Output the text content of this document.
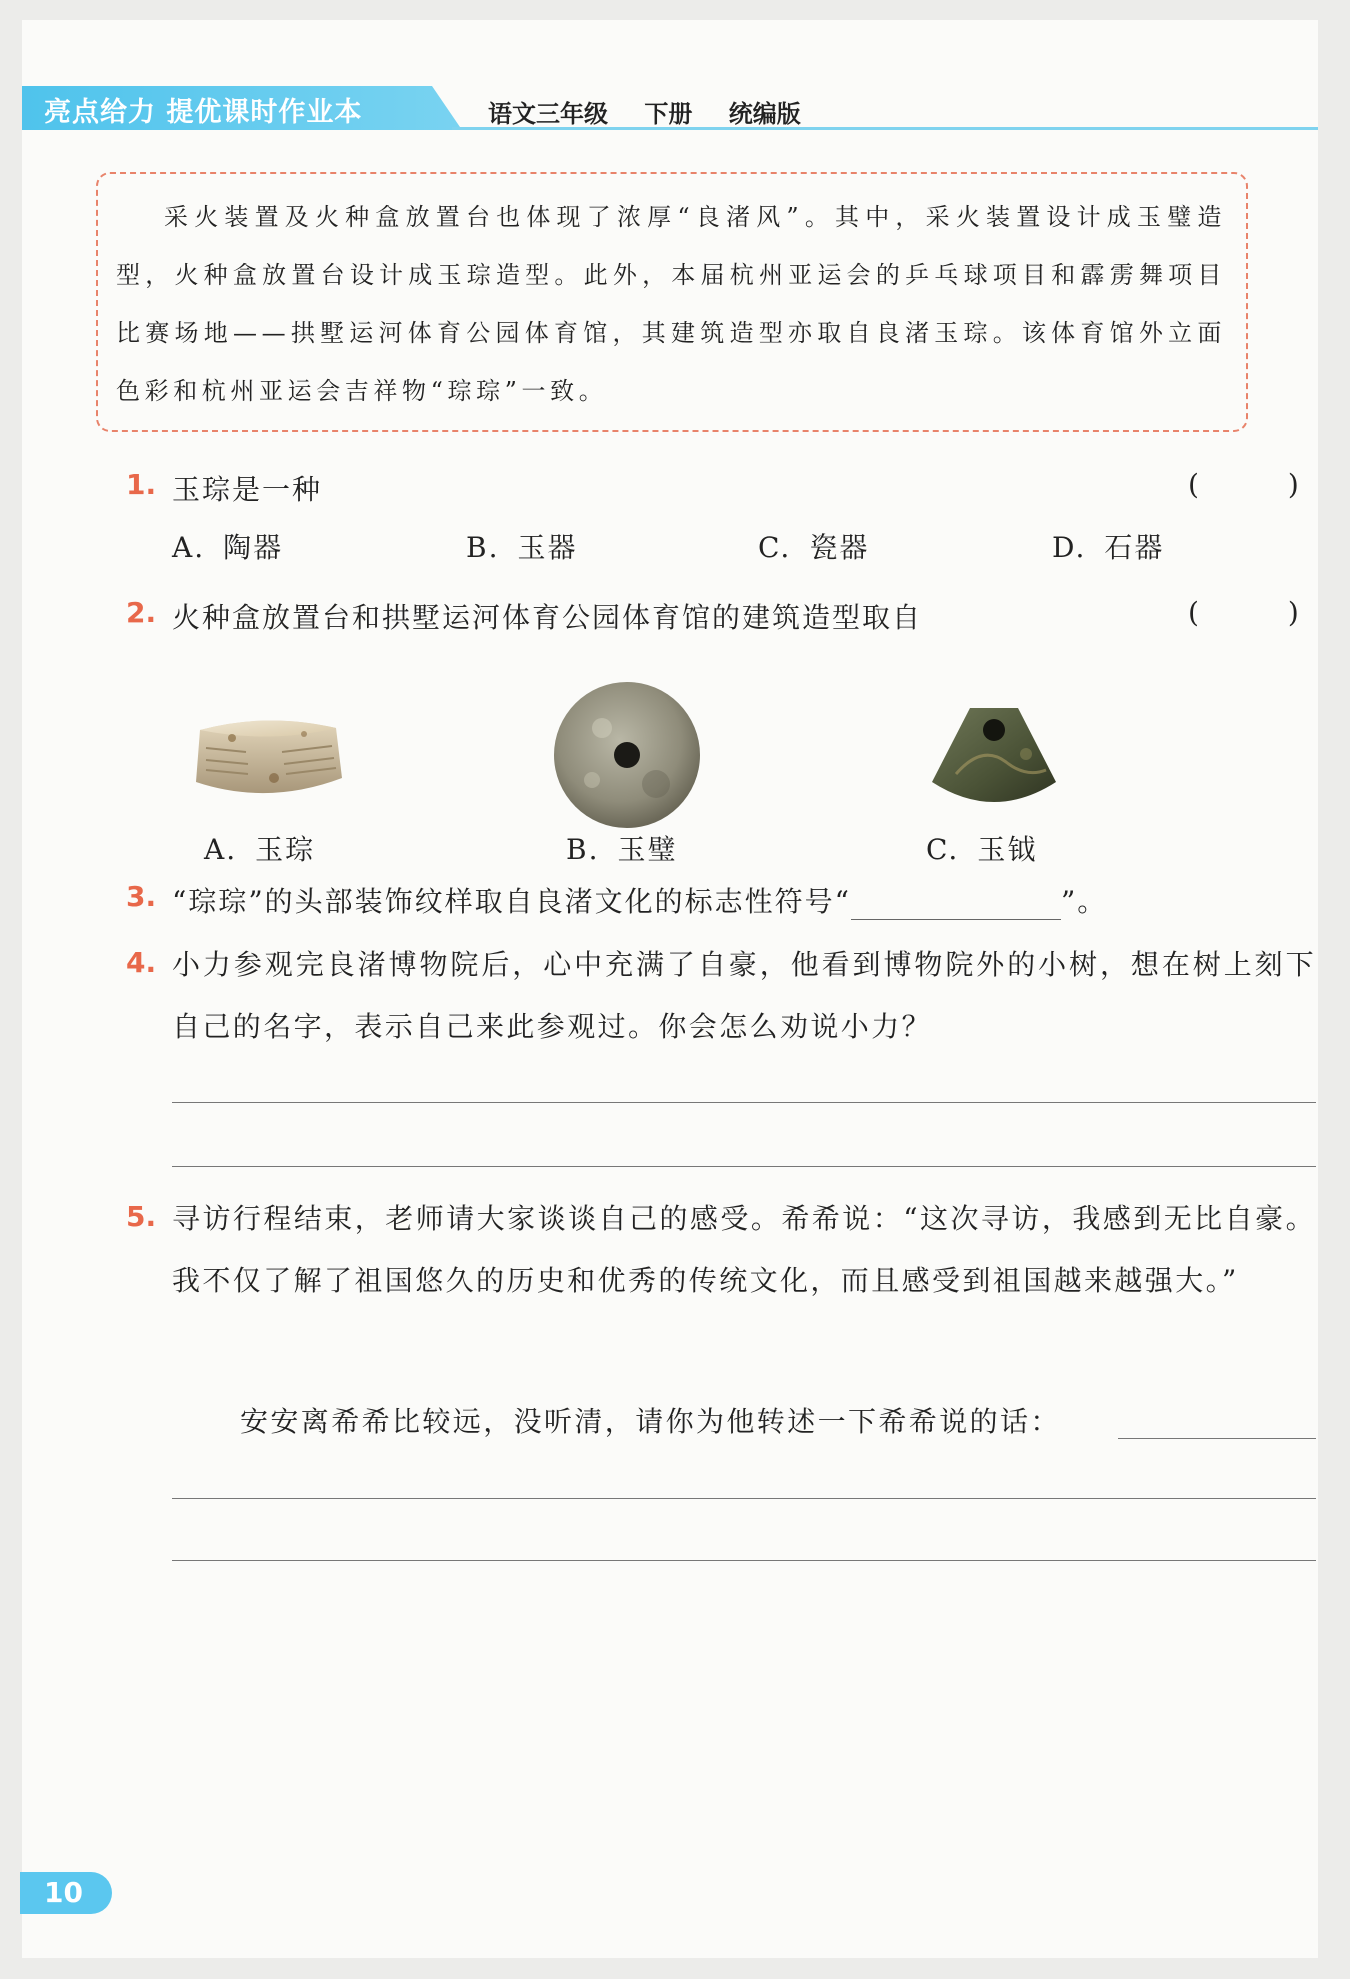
亮点给力 提优课时作业本	语文三年级 下册 统编版
采火装置及火种盒放置台也体现了浓厚“良渚风”。其中，采火装置设计成玉璧造型，火种盒放置台设计成玉琮造型。此外，本届杭州亚运会的乒乓球项目和霹雳舞项目比赛场地——拱墅运河体育公园体育馆，其建筑造型亦取自良渚玉琮。该体育馆外立面色彩和杭州亚运会吉祥物“琮琮”一致。
1. 玉琮是一种	( )
A. 陶器	B. 玉器	C. 瓷器	D. 石器
2. 火种盒放置台和拱墅运河体育公园体育馆的建筑造型取自	( )
A. 玉琮	B. 玉璧	C. 玉钺
3. “琮琮”的头部装饰纹样取自良渚文化的标志性符号“	”。
4. 小力参观完良渚博物院后，心中充满了自豪，他看到博物院外的小树，想在树上刻下自己的名字，表示自己来此参观过。你会怎么劝说小力？
5. 寻访行程结束，老师请大家谈谈自己的感受。希希说：“这次寻访，我感到无比自豪。我不仅了解了祖国悠久的历史和优秀的传统文化，而且感受到祖国越来越强大。”
安安离希希比较远，没听清，请你为他转述一下希希说的话：
10
